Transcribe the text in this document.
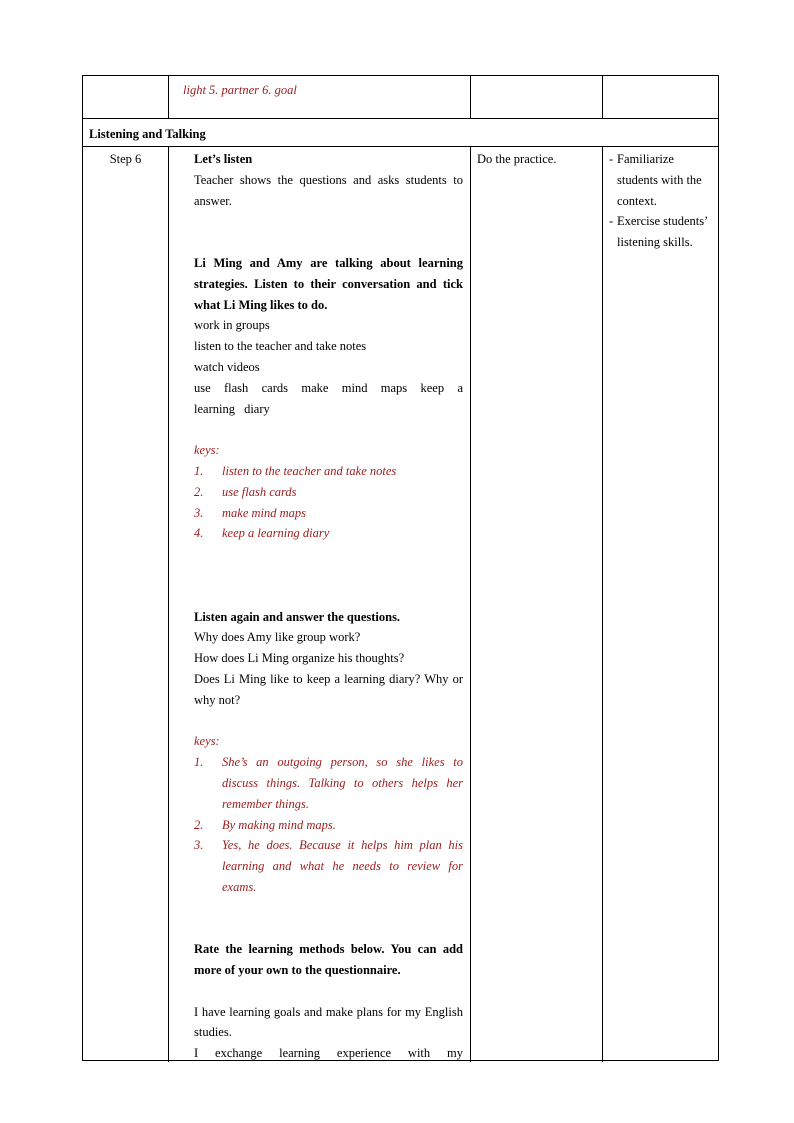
light 5. partner 6. goal
Listening and Talking
Step 6	Let’s listen

Teacher shows the questions and asks students to answer.

Li Ming and Amy are talking about learning strategies. Listen to their conversation and tick what Li Ming likes to do.

work in groups

listen to the teacher and take notes

watch videos

use flash cards make mind maps keep a learning diary

keys:

1. listen to the teacher and take notes
2. use flash cards
3. make mind maps
4. keep a learning diary

Listen again and answer the questions.

Why does Amy like group work?

How does Li Ming organize his thoughts?

Does Li Ming like to keep a learning diary? Why or why not?

keys:

1. She’s an outgoing person, so she likes to discuss things. Talking to others helps her remember things.
2. By making mind maps.
3. Yes, he does. Because it helps him plan his learning and what he needs to review for exams.

Rate the learning methods below. You can add more of your own to the questionnaire.

I have learning goals and make plans for my English studies.

I exchange learning experience with my

Do the practice.	- Familiarize students with the context.
- Exercise students’ listening skills.
